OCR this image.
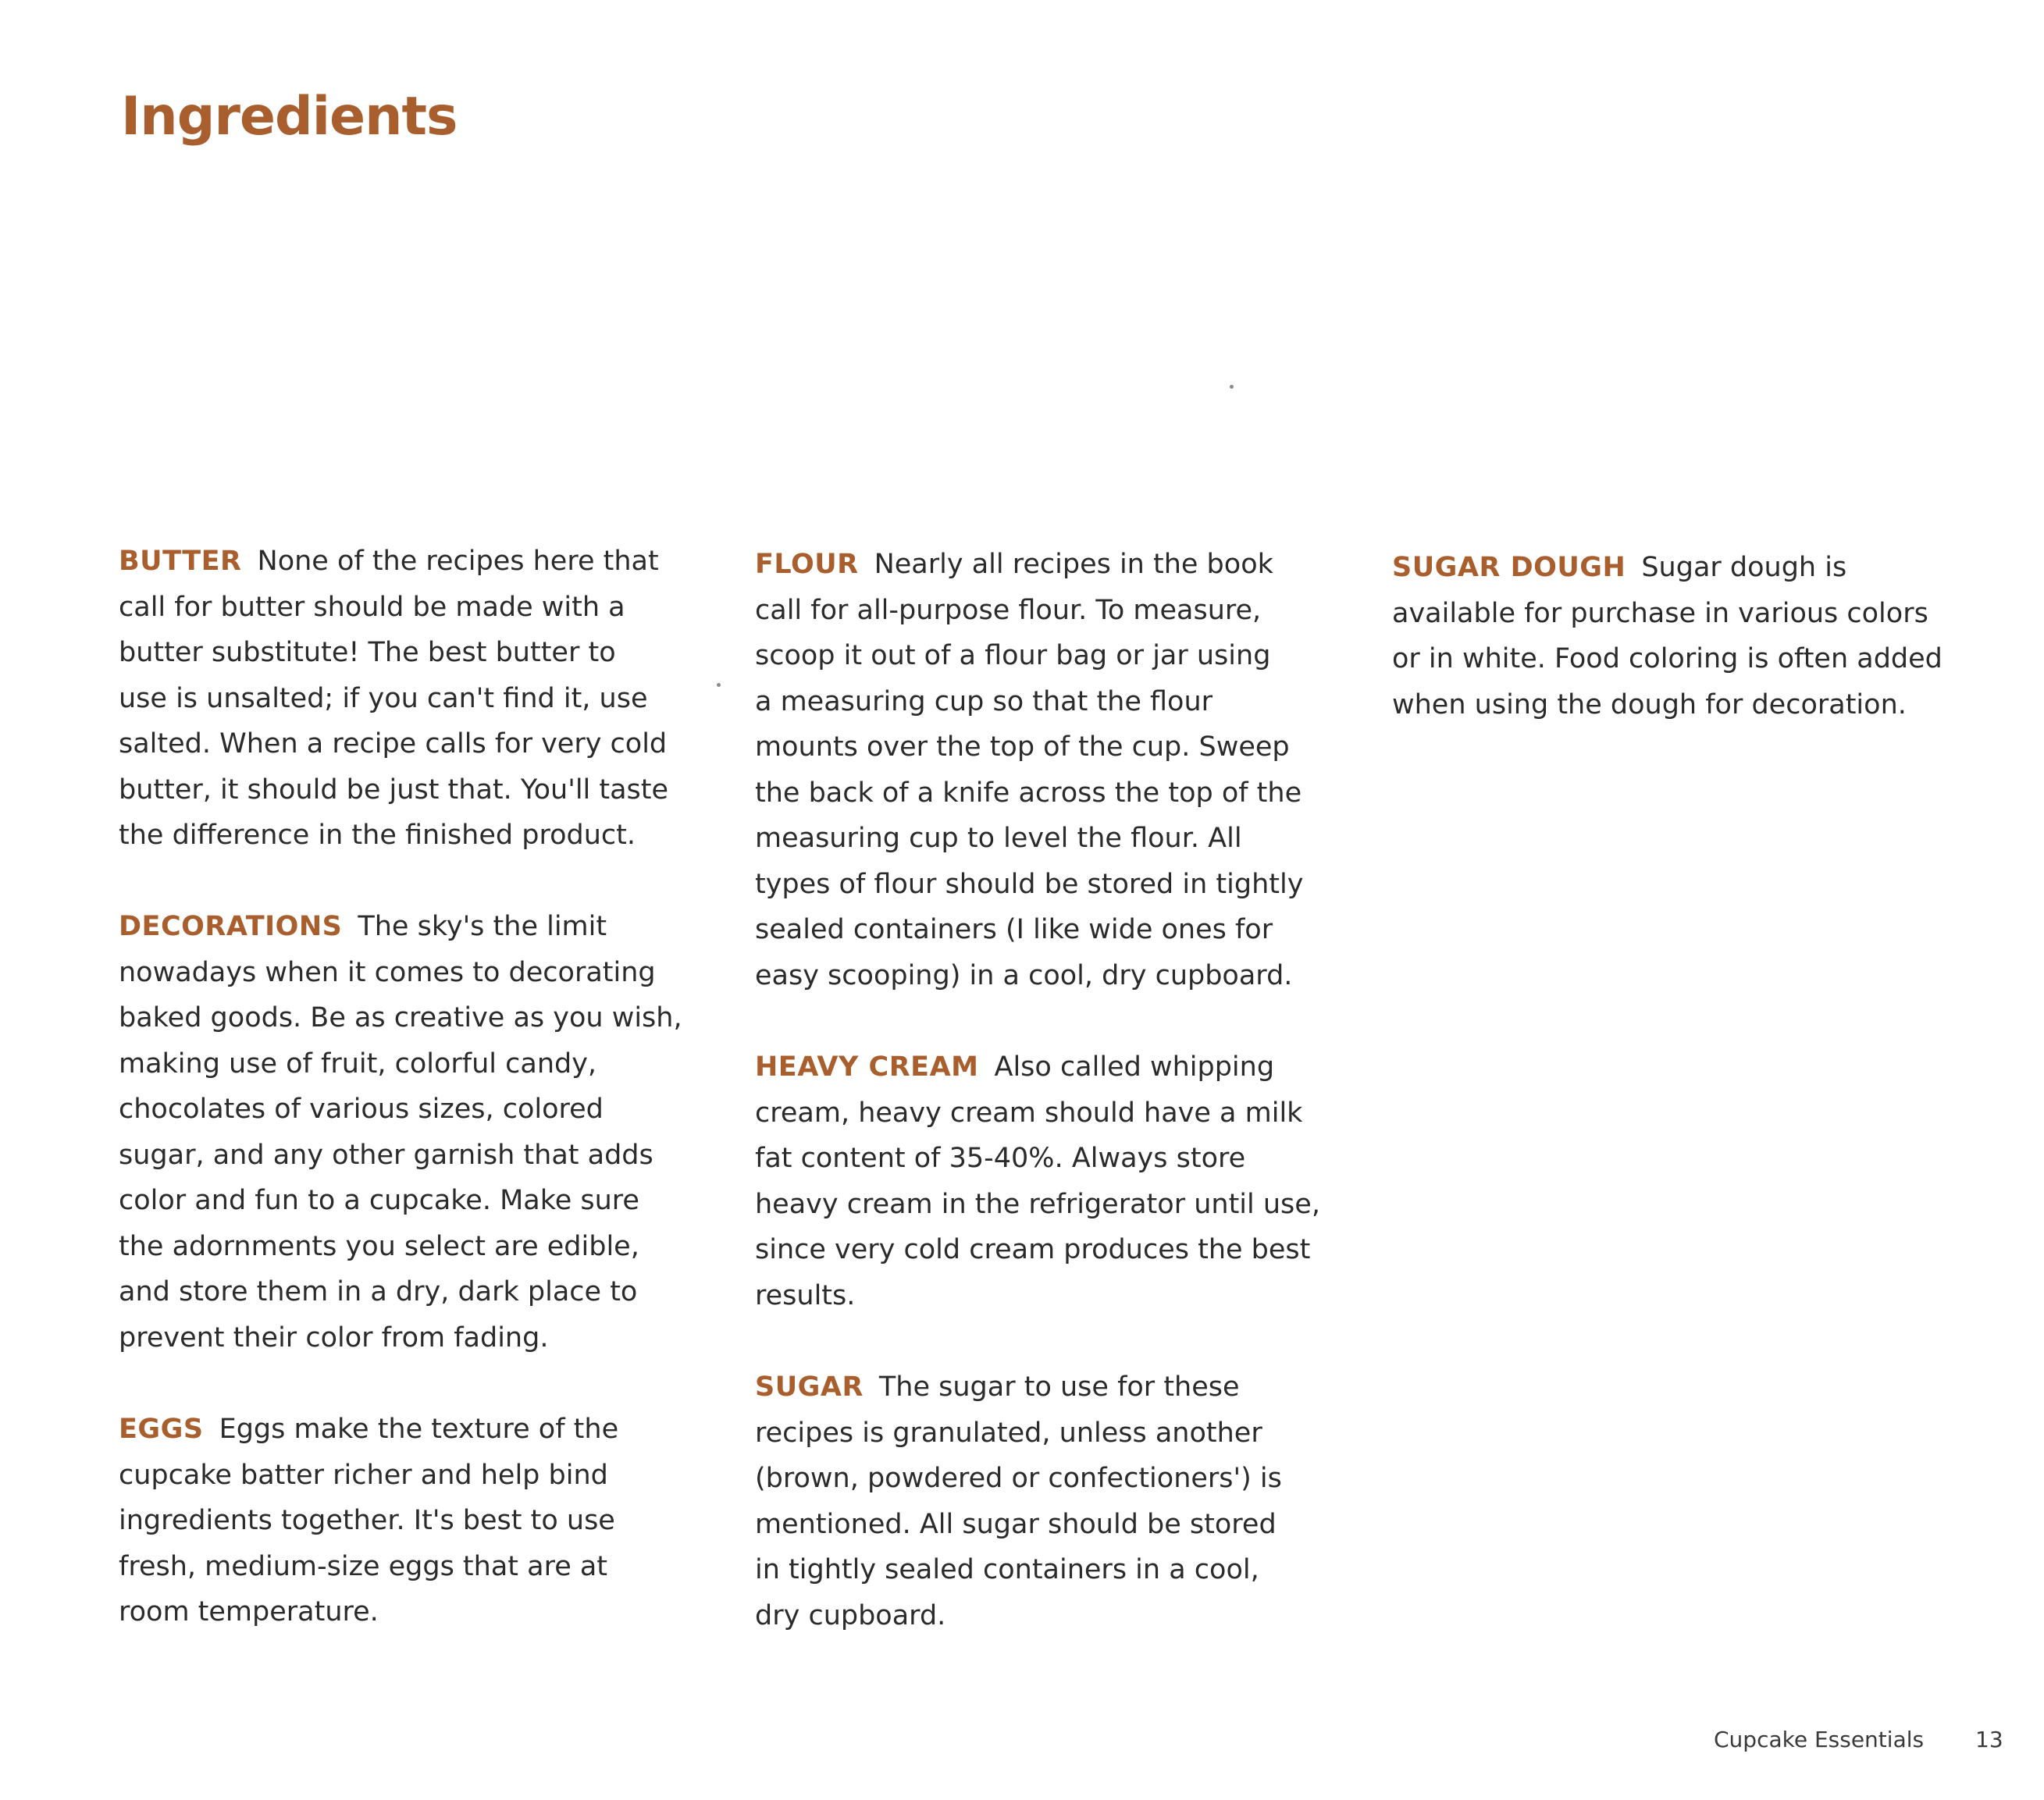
Ingredients
BUTTER None of the recipes here that
call for butter should be made with a
butter substitute! The best butter to
use is unsalted; if you can't find it, use
salted. When a recipe calls for very cold
butter, it should be just that. You'll taste
the difference in the finished product.
DECORATIONS The sky's the limit
nowadays when it comes to decorating
baked goods. Be as creative as you wish,
making use of fruit, colorful candy,
chocolates of various sizes, colored
sugar, and any other garnish that adds
color and fun to a cupcake. Make sure
the adornments you select are edible,
and store them in a dry, dark place to
prevent their color from fading.
EGGS Eggs make the texture of the
cupcake batter richer and help bind
ingredients together. It's best to use
fresh, medium-size eggs that are at
room temperature.
FLOUR Nearly all recipes in the book
call for all-purpose flour. To measure,
scoop it out of a flour bag or jar using
a measuring cup so that the flour
mounts over the top of the cup. Sweep
the back of a knife across the top of the
measuring cup to level the flour. All
types of flour should be stored in tightly
sealed containers (I like wide ones for
easy scooping) in a cool, dry cupboard.
HEAVY CREAM Also called whipping
cream, heavy cream should have a milk
fat content of 35-40%. Always store
heavy cream in the refrigerator until use,
since very cold cream produces the best
results.
SUGAR The sugar to use for these
recipes is granulated, unless another
(brown, powdered or confectioners') is
mentioned. All sugar should be stored
in tightly sealed containers in a cool,
dry cupboard.
SUGAR DOUGH Sugar dough is
available for purchase in various colors
or in white. Food coloring is often added
when using the dough for decoration.
Cupcake Essentials 13
